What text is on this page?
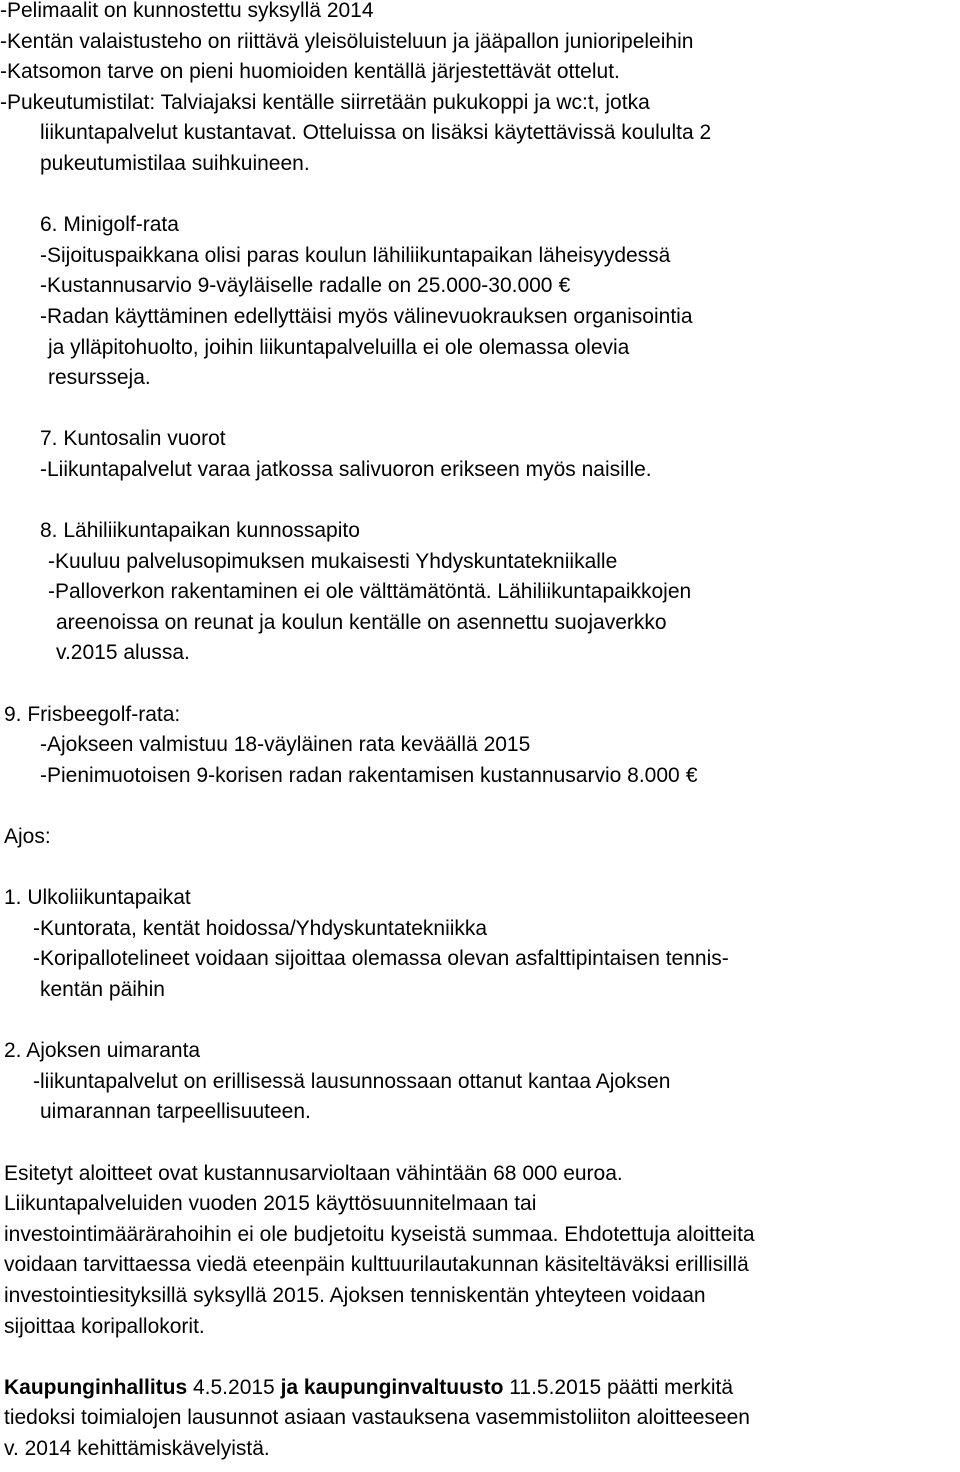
-Pelimaalit on kunnostettu syksyllä 2014
-Kentän valaistusteho on riittävä yleisöluisteluun ja jääpallon junioripeleihin
-Katsomon tarve on pieni huomioiden kentällä järjestettävät ottelut.
-Pukeutumistilat: Talviajaksi kentälle siirretään pukukoppi ja wc:t, jotka
liikuntapalvelut kustantavat. Otteluissa on lisäksi käytettävissä koululta 2
pukeutumistilaa suihkuineen.
6. Minigolf-rata
-Sijoituspaikkana olisi paras koulun lähiliikuntapaikan läheisyydessä
-Kustannusarvio 9-väyläiselle radalle on 25.000-30.000 €
-Radan käyttäminen edellyttäisi myös välinevuokrauksen organisointia
ja ylläpitohuolto, joihin liikuntapalveluilla ei ole olemassa olevia
resursseja.
7. Kuntosalin vuorot
-Liikuntapalvelut varaa jatkossa salivuoron erikseen myös naisille.
8. Lähiliikuntapaikan kunnossapito
-Kuuluu palvelusopimuksen mukaisesti Yhdyskuntatekniikalle
-Palloverkon rakentaminen ei ole välttämätöntä. Lähiliikuntapaikkojen
areenoissa on reunat ja koulun kentälle on asennettu suojaverkko
v.2015 alussa.
9. Frisbeegolf-rata:
-Ajokseen valmistuu 18-väyläinen rata keväällä 2015
-Pienimuotoisen 9-korisen radan rakentamisen kustannusarvio 8.000 €
Ajos:
1. Ulkoliikuntapaikat
-Kuntorata, kentät hoidossa/Yhdyskuntatekniikka
-Koripallotelineet voidaan sijoittaa olemassa olevan asfalttipintaisen tennis-
kentän päihin
2. Ajoksen uimaranta
-liikuntapalvelut on erillisessä lausunnossaan ottanut kantaa Ajoksen
uimarannan tarpeellisuuteen.
Esitetyt aloitteet ovat kustannusarvioltaan vähintään 68 000 euroa.
Liikuntapalveluiden vuoden 2015 käyttösuunnitelmaan tai
investointimäärärahoihin ei ole budjetoitu kyseistä summaa. Ehdotettuja aloitteita
voidaan tarvittaessa viedä eteenpäin kulttuurilautakunnan käsiteltäväksi erillisillä
investointiesityksillä syksyllä 2015. Ajoksen tenniskentän yhteyteen voidaan
sijoittaa koripallokorit.
Kaupunginhallitus 4.5.2015 ja kaupunginvaltuusto 11.5.2015 päätti merkitä
tiedoksi toimialojen lausunnot asiaan vastauksena vasemmistoliiton aloitteeseen
v. 2014 kehittämiskävelyistä.
